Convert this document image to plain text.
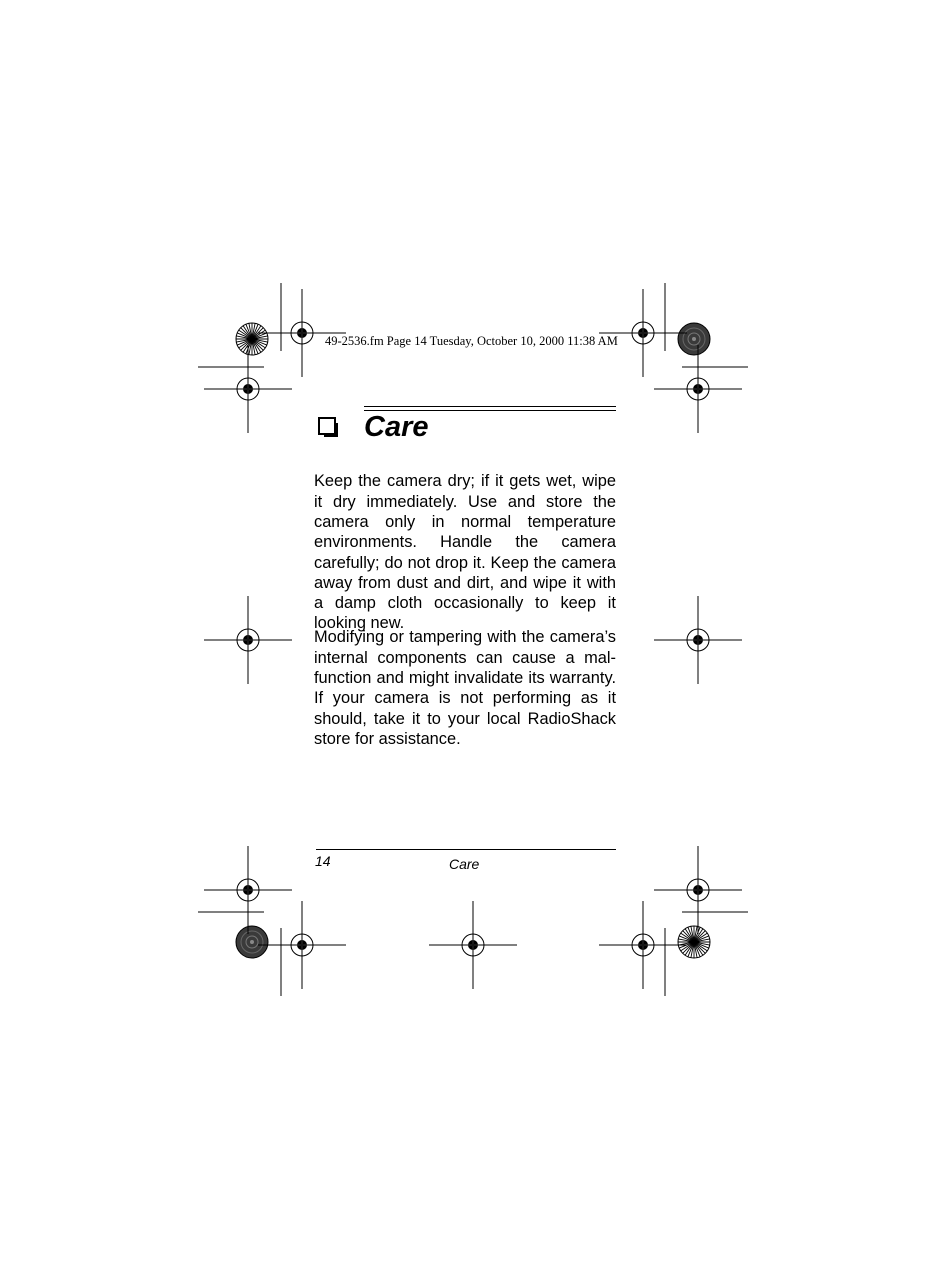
49-2536.fm Page 14 Tuesday, October 10, 2000 11:38 AM
Care

Keep the camera dry; if it gets wet, wipe it dry immediately. Use and store the camera only in normal temperature environments. Handle the camera carefully; do not drop it. Keep the camera away from dust and dirt, and wipe it with a damp cloth occasionally to keep it looking new.

Modifying or tampering with the camera’s internal components can cause a malfunction and might invalidate its warranty. If your camera is not performing as it should, take it to your local RadioShack store for assistance.

14	Care
